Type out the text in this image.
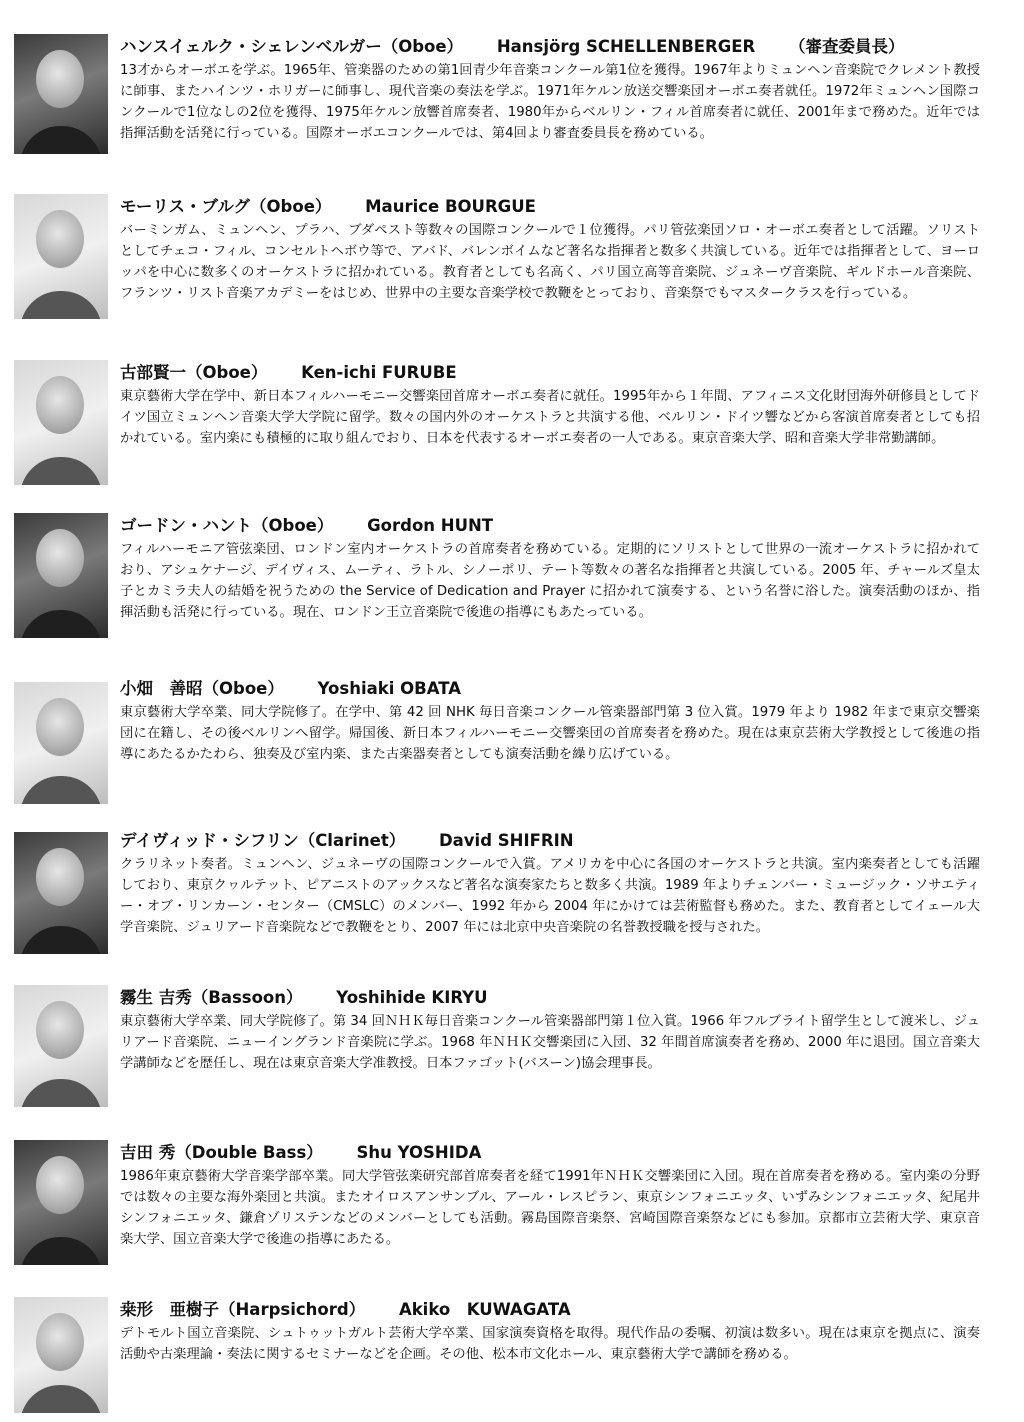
ハンスイェルク・シェレンベルガー（Oboe） Hansjörg SCHELLENBERGER （審査委員長）

13才からオーボエを学ぶ。1965年、管楽器のための第1回青少年音楽コンクール第1位を獲得。1967年よりミュンヘン音楽院でクレメント教授に師事、またハインツ・ホリガーに師事し、現代音楽の奏法を学ぶ。1971年ケルン放送交響楽団オーボエ奏者就任。1972年ミュンヘン国際コンクールで1位なしの2位を獲得、1975年ケルン放響首席奏者、1980年からベルリン・フィル首席奏者に就任、2001年まで務めた。近年では指揮活動を活発に行っている。国際オーボエコンクールでは、第4回より審査委員長を務めている。

モーリス・ブルグ（Oboe） Maurice BOURGUE

バーミンガム、ミュンヘン、プラハ、ブダペスト等数々の国際コンクールで１位獲得。パリ管弦楽団ソロ・オーボエ奏者として活躍。ソリストとしてチェコ・フィル、コンセルトヘボウ等で、アバド、バレンボイムなど著名な指揮者と数多く共演している。近年では指揮者として、ヨーロッパを中心に数多くのオーケストラに招かれている。教育者としても名高く、パリ国立高等音楽院、ジュネーヴ音楽院、ギルドホール音楽院、フランツ・リスト音楽アカデミーをはじめ、世界中の主要な音楽学校で教鞭をとっており、音楽祭でもマスタークラスを行っている。

古部賢一（Oboe） Ken-ichi FURUBE

東京藝術大学在学中、新日本フィルハーモニー交響楽団首席オーボエ奏者に就任。1995年から１年間、アフィニス文化財団海外研修員としてドイツ国立ミュンヘン音楽大学大学院に留学。数々の国内外のオーケストラと共演する他、ベルリン・ドイツ響などから客演首席奏者としても招かれている。室内楽にも積極的に取り組んでおり、日本を代表するオーボエ奏者の一人である。東京音楽大学、昭和音楽大学非常勤講師。

ゴードン・ハント（Oboe） Gordon HUNT

フィルハーモニア管弦楽団、ロンドン室内オーケストラの首席奏者を務めている。定期的にソリストとして世界の一流オーケストラに招かれており、アシュケナージ、デイヴィス、ムーティ、ラトル、シノーポリ、テート等数々の著名な指揮者と共演している。2005 年、チャールズ皇太子とカミラ夫人の結婚を祝うための the Service of Dedication and Prayer に招かれて演奏する、という名誉に浴した。演奏活動のほか、指揮活動も活発に行っている。現在、ロンドン王立音楽院で後進の指導にもあたっている。

小畑　善昭（Oboe） Yoshiaki OBATA

東京藝術大学卒業、同大学院修了。在学中、第 42 回 NHK 毎日音楽コンクール管楽器部門第 3 位入賞。1979 年より 1982 年まで東京交響楽団に在籍し、その後ベルリンへ留学。帰国後、新日本フィルハーモニー交響楽団の首席奏者を務めた。現在は東京芸術大学教授として後進の指導にあたるかたわら、独奏及び室内楽、また古楽器奏者としても演奏活動を繰り広げている。

デイヴィッド・シフリン（Clarinet） David SHIFRIN

クラリネット奏者。ミュンヘン、ジュネーヴの国際コンクールで入賞。アメリカを中心に各国のオーケストラと共演。室内楽奏者としても活躍しており、東京クヮルテット、ピアニストのアックスなど著名な演奏家たちと数多く共演。1989 年よりチェンバー・ミュージック・ソサエティー・オブ・リンカーン・センター（CMSLC）のメンバー、1992 年から 2004 年にかけては芸術監督も務めた。また、教育者としてイェール大学音楽院、ジュリアード音楽院などで教鞭をとり、2007 年には北京中央音楽院の名誉教授職を授与された。

霧生 吉秀（Bassoon） Yoshihide KIRYU

東京藝術大学卒業、同大学院修了。第 34 回ＮＨＫ毎日音楽コンクール管楽器部門第１位入賞。1966 年フルブライト留学生として渡米し、ジュリアード音楽院、ニューイングランド音楽院に学ぶ。1968 年ＮＨＫ交響楽団に入団、32 年間首席演奏者を務め、2000 年に退団。国立音楽大学講師などを歴任し、現在は東京音楽大学准教授。日本ファゴット(バスーン)協会理事長。

吉田 秀（Double Bass） Shu YOSHIDA

1986年東京藝術大学音楽学部卒業。同大学管弦楽研究部首席奏者を経て1991年ＮＨＫ交響楽団に入団。現在首席奏者を務める。室内楽の分野では数々の主要な海外楽団と共演。またオイロスアンサンブル、アール・レスピラン、東京シンフォニエッタ、いずみシンフォニエッタ、紀尾井シンフォニエッタ、鎌倉ゾリステンなどのメンバーとしても活動。霧島国際音楽祭、宮崎国際音楽祭などにも参加。京都市立芸術大学、東京音楽大学、国立音楽大学で後進の指導にあたる。

桒形　亜樹子（Harpsichord） Akiko　KUWAGATA

デトモルト国立音楽院、シュトゥットガルト芸術大学卒業、国家演奏資格を取得。現代作品の委嘱、初演は数多い。現在は東京を拠点に、演奏活動や古楽理論・奏法に関するセミナーなどを企画。その他、松本市文化ホール、東京藝術大学で講師を務める。
